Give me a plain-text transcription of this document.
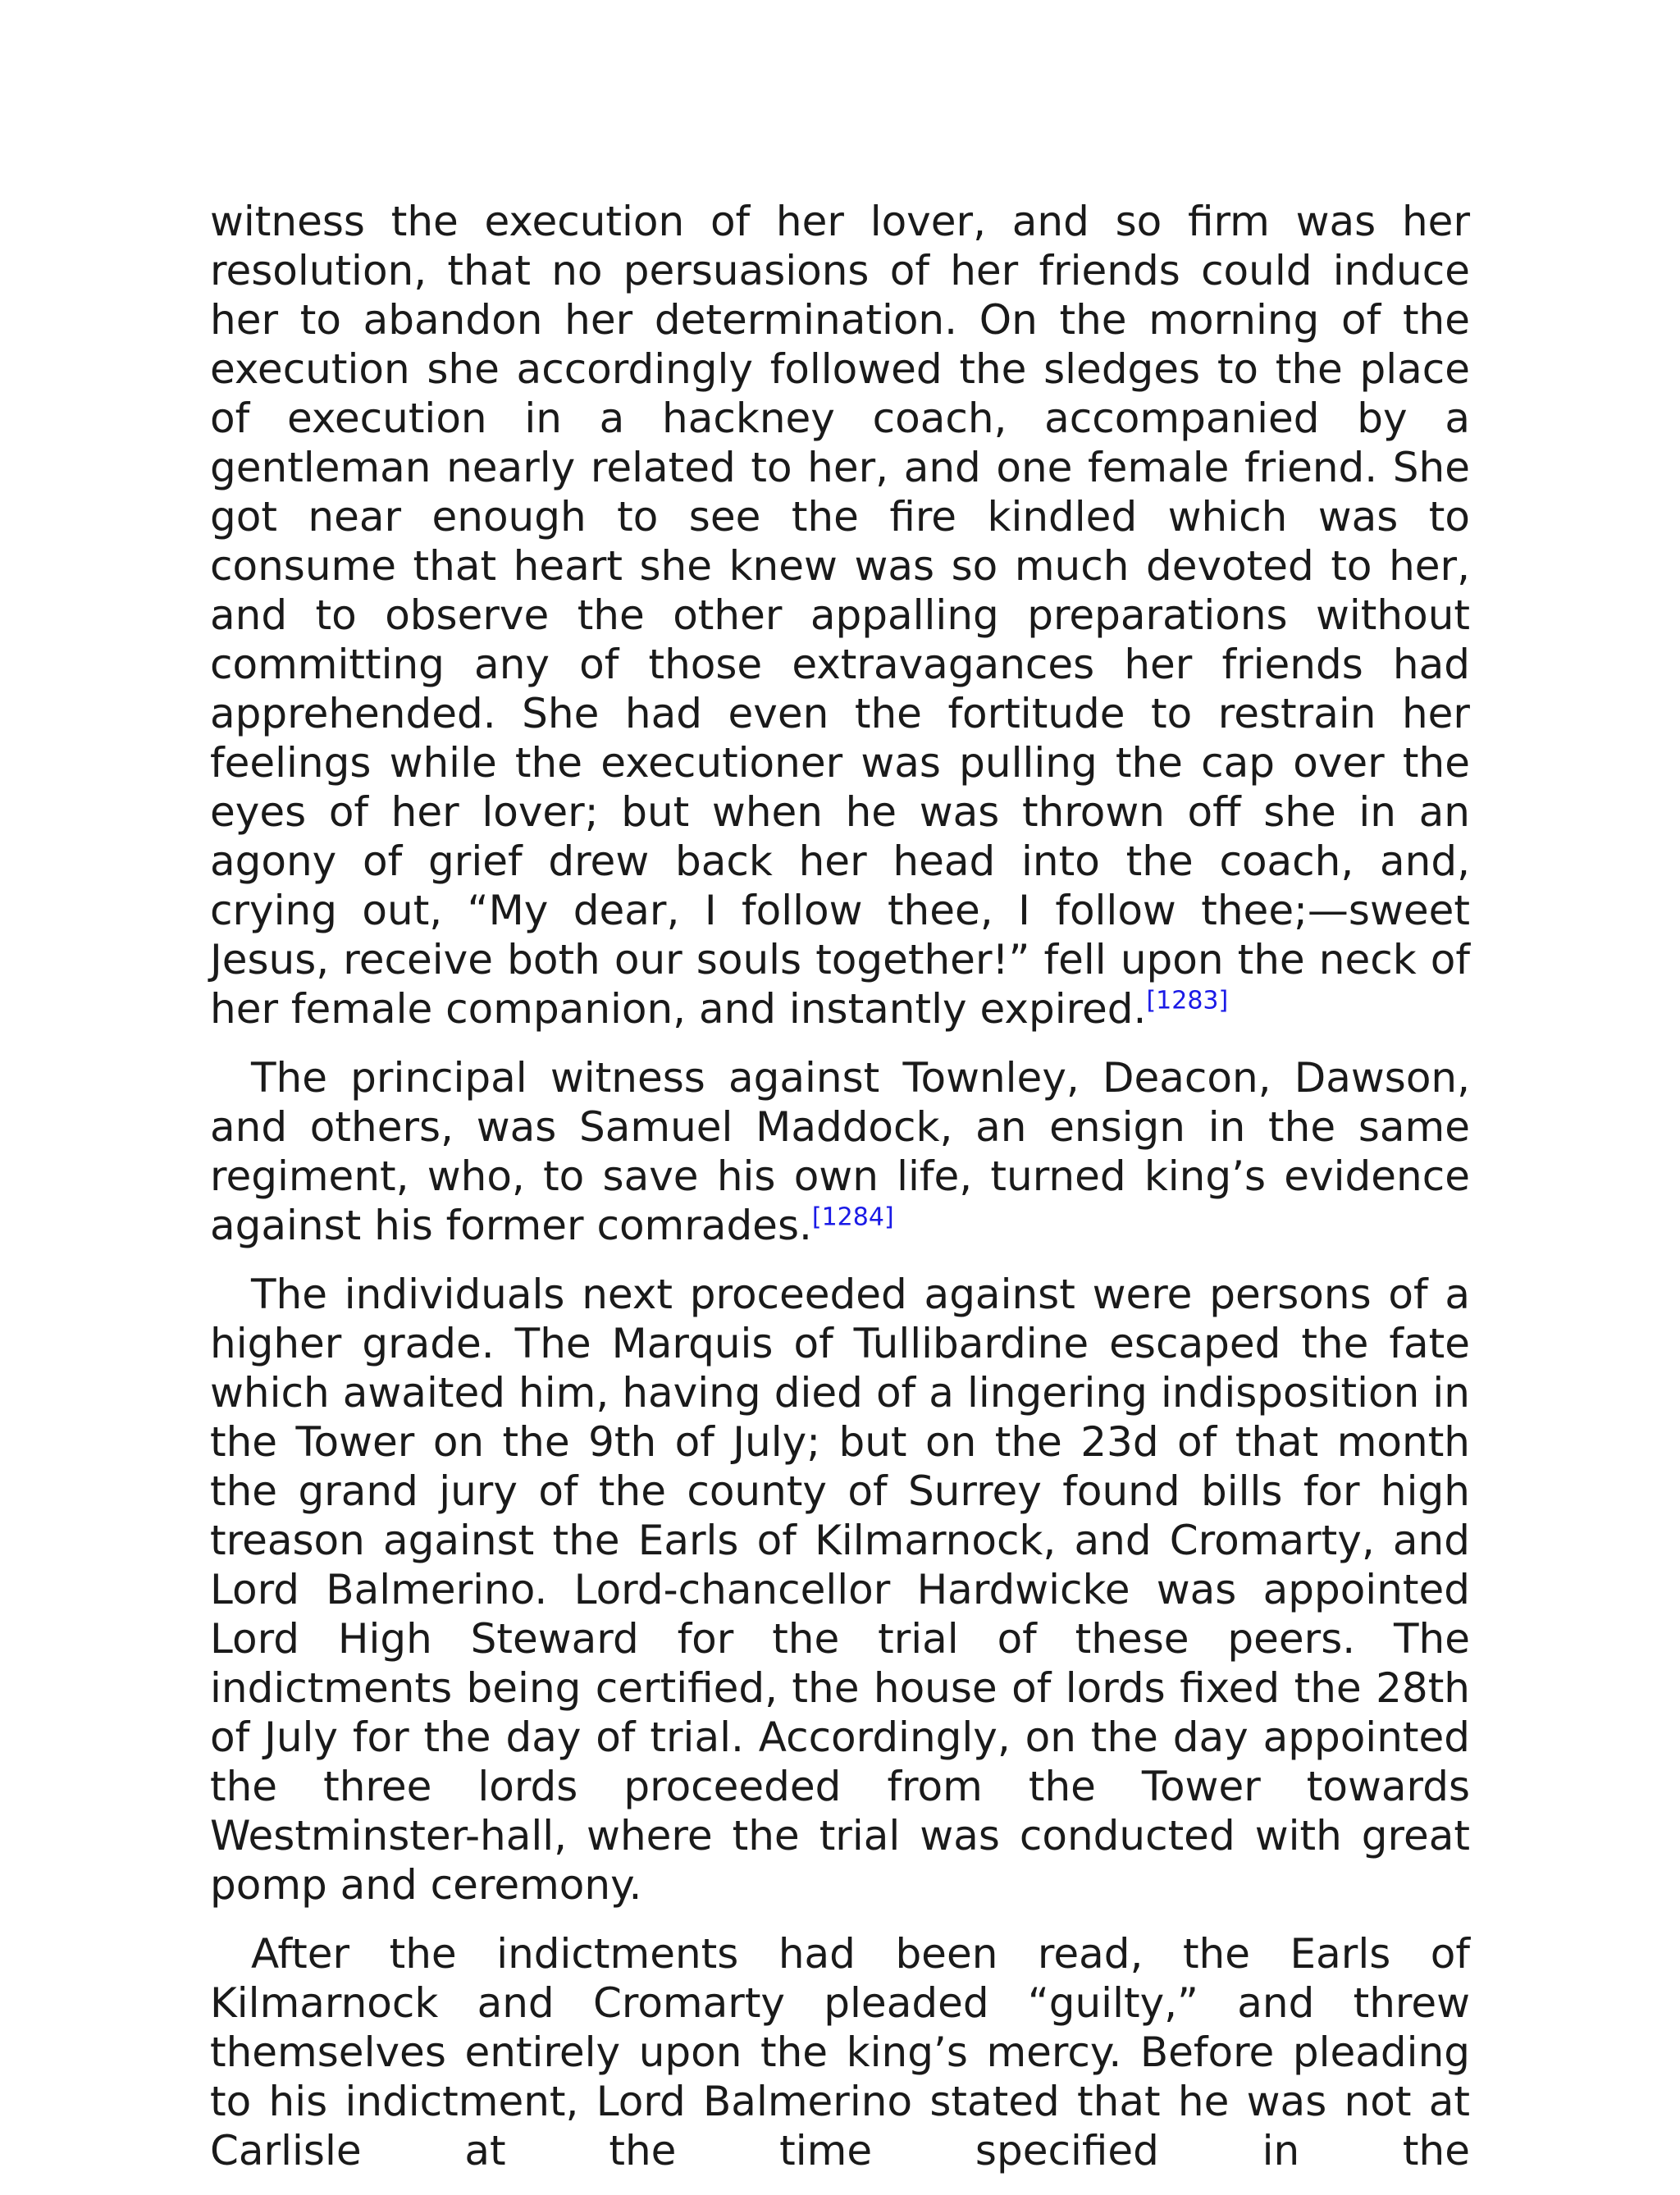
witness the execution of her lover, and so firm was her resolution, that no persuasions of her friends could induce her to abandon her determination. On the morning of the execution she accordingly followed the sledges to the place of execution in a hackney coach, accompanied by a gentleman nearly related to her, and one female friend. She got near enough to see the fire kindled which was to consume that heart she knew was so much devoted to her, and to observe the other appalling preparations without committing any of those extravagances her friends had apprehended. She had even the fortitude to restrain her feelings while the executioner was pulling the cap over the eyes of her lover; but when he was thrown off she in an agony of grief drew back her head into the coach, and, crying out, “My dear, I follow thee, I follow thee;—sweet Jesus, receive both our souls together!” fell upon the neck of her female companion, and instantly expired.[1283]

The principal witness against Townley, Deacon, Dawson, and others, was Samuel Maddock, an ensign in the same regiment, who, to save his own life, turned king’s evidence against his former comrades.[1284]

The individuals next proceeded against were persons of a higher grade. The Marquis of Tullibardine escaped the fate which awaited him, having died of a lingering indisposition in the Tower on the 9th of July; but on the 23d of that month the grand jury of the county of Surrey found bills for high treason against the Earls of Kilmarnock, and Cromarty, and Lord Balmerino. Lord-chancellor Hardwicke was appointed Lord High Steward for the trial of these peers. The indictments being certified, the house of lords fixed the 28th of July for the day of trial. Accordingly, on the day appointed the three lords proceeded from the Tower towards Westminster-hall, where the trial was conducted with great pomp and ceremony.

After the indictments had been read, the Earls of Kilmarnock and Cromarty pleaded “guilty,” and threw themselves entirely upon the king’s mercy. Before pleading to his indictment, Lord Balmerino stated that he was not at Carlisle at the time specified in the
